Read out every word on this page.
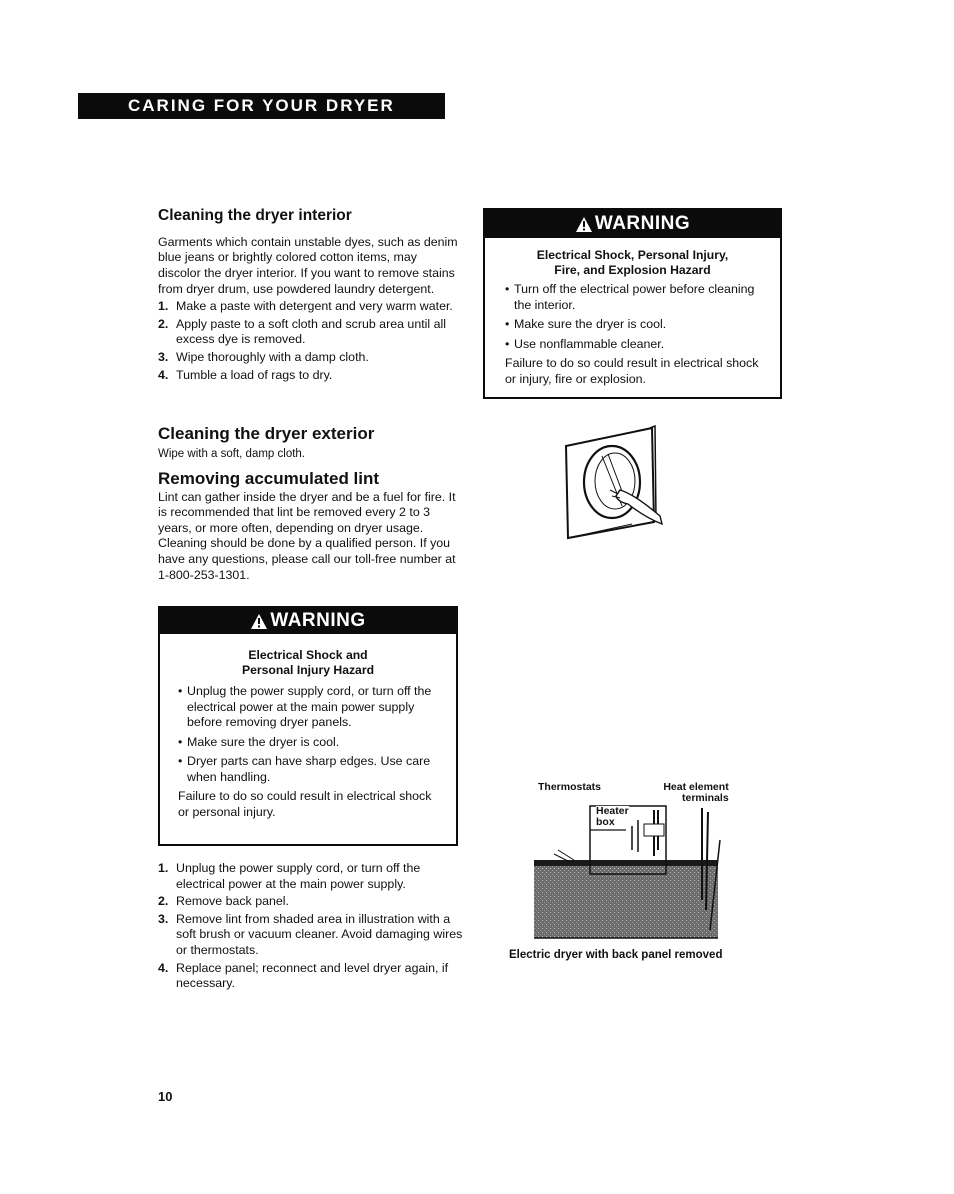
CARING FOR YOUR DRYER
Cleaning the dryer interior

Garments which contain unstable dyes, such as denim blue jeans or brightly colored cotton items, may discolor the dryer interior. If you want to remove stains from dryer drum, use powdered laundry detergent.

1. Make a paste with detergent and very warm water.
2. Apply paste to a soft cloth and scrub area until all excess dye is removed.
3. Wipe thoroughly with a damp cloth.
4. Tumble a load of rags to dry.
Cleaning the dryer exterior

Wipe with a soft, damp cloth.

Removing accumulated lint

Lint can gather inside the dryer and be a fuel for fire. It is recommended that lint be removed every 2 to 3 years, or more often, depending on dryer usage. Cleaning should be done by a qualified person. If you have any questions, please call our toll-free number at 1-800-253-1301.

WARNING
Electrical Shock and
Personal Injury Hazard
• Unplug the power supply cord, or turn off the electrical power at the main power supply before removing dryer panels.
• Make sure the dryer is cool.
• Dryer parts can have sharp edges. Use care when handling.

Failure to do so could result in electrical shock or personal injury.

1. Unplug the power supply cord, or turn off the electrical power at the main power supply.
2. Remove back panel.
3. Remove lint from shaded area in illustration with a soft brush or vacuum cleaner. Avoid damaging wires or thermostats.
4. Replace panel; reconnect and level dryer again, if necessary.
WARNING
Electrical Shock, Personal Injury,
Fire, and Explosion Hazard
• Turn off the electrical power before cleaning the interior.
• Make sure the dryer is cool.
• Use nonflammable cleaner.

Failure to do so could result in electrical shock or injury, fire or explosion.

Thermostats	Heat element
terminals
Heater
box
Electric dryer with back panel removed
10
